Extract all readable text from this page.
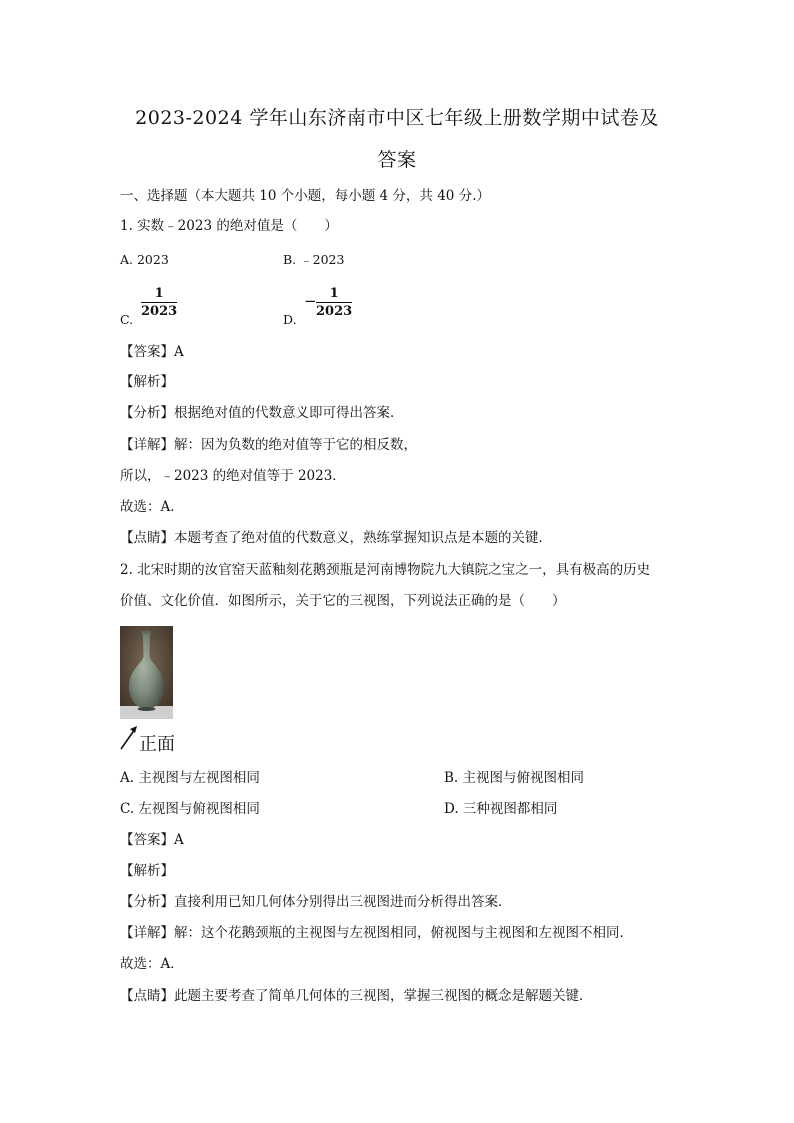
2023-2024 学年山东济南市中区七年级上册数学期中试卷及
答案
一、选择题（本大题共 10 个小题，每小题 4 分，共 40 分.）
1. 实数﹣2023 的绝对值是（　　）
A. 2023	B. ﹣2023
C.
$\frac{1}{2023}$
D.
− $\frac{1}{2023}$
【答案】A
【解析】
【分析】根据绝对值的代数意义即可得出答案．
【详解】解：因为负数的绝对值等于它的相反数，
所以，﹣2023 的绝对值等于 2023．
故选：A．
【点睛】本题考查了绝对值的代数意义，熟练掌握知识点是本题的关键．
2. 北宋时期的汝官窑天蓝釉刻花鹅颈瓶是河南博物院九大镇院之宝之一，具有极高的历史
价值、文化价值．如图所示，关于它的三视图，下列说法正确的是（　　）
正面
A. 主视图与左视图相同	B. 主视图与俯视图相同
C. 左视图与俯视图相同	D. 三种视图都相同
【答案】A
【解析】
【分析】直接利用已知几何体分别得出三视图进而分析得出答案．
【详解】解：这个花鹅颈瓶的主视图与左视图相同，俯视图与主视图和左视图不相同．
故选：A．
【点睛】此题主要考查了简单几何体的三视图，掌握三视图的概念是解题关键．
